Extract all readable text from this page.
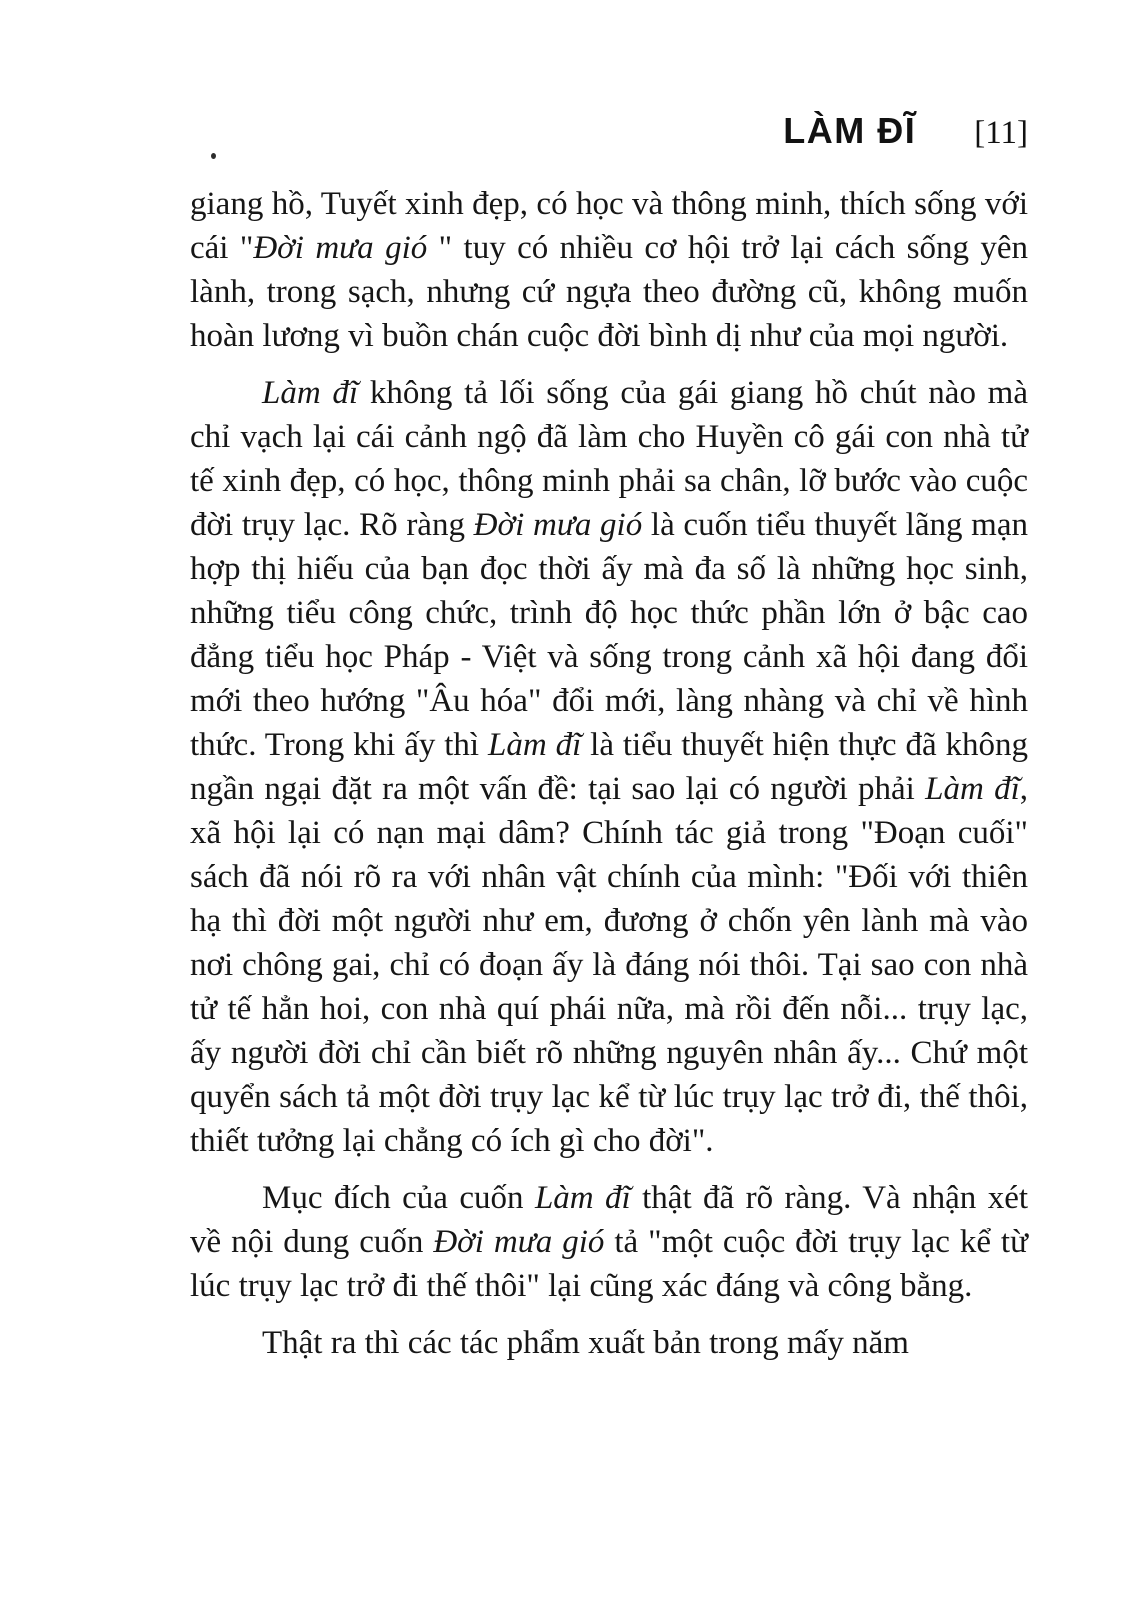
LÀM ĐĨ [11]

giang hồ, Tuyết xinh đẹp, có học và thông minh, thích sống với cái "Đời mưa gió " tuy có nhiều cơ hội trở lại cách sống yên lành, trong sạch, nhưng cứ ngựa theo đường cũ, không muốn hoàn lương vì buồn chán cuộc đời bình dị như của mọi người.

Làm đĩ không tả lối sống của gái giang hồ chút nào mà chỉ vạch lại cái cảnh ngộ đã làm cho Huyền cô gái con nhà tử tế xinh đẹp, có học, thông minh phải sa chân, lỡ bước vào cuộc đời trụy lạc. Rõ ràng Đời mưa gió là cuốn tiểu thuyết lãng mạn hợp thị hiếu của bạn đọc thời ấy mà đa số là những học sinh, những tiểu công chức, trình độ học thức phần lớn ở bậc cao đẳng tiểu học Pháp - Việt và sống trong cảnh xã hội đang đổi mới theo hướng "Âu hóa" đổi mới, làng nhàng và chỉ về hình thức. Trong khi ấy thì Làm đĩ là tiểu thuyết hiện thực đã không ngần ngại đặt ra một vấn đề: tại sao lại có người phải Làm đĩ, xã hội lại có nạn mại dâm? Chính tác giả trong "Đoạn cuối" sách đã nói rõ ra với nhân vật chính của mình: "Đối với thiên hạ thì đời một người như em, đương ở chốn yên lành mà vào nơi chông gai, chỉ có đoạn ấy là đáng nói thôi. Tại sao con nhà tử tế hẳn hoi, con nhà quí phái nữa, mà rồi đến nỗi... trụy lạc, ấy người đời chỉ cần biết rõ những nguyên nhân ấy... Chứ một quyển sách tả một đời trụy lạc kể từ lúc trụy lạc trở đi, thế thôi, thiết tưởng lại chẳng có ích gì cho đời".

Mục đích của cuốn Làm đĩ thật đã rõ ràng. Và nhận xét về nội dung cuốn Đời mưa gió tả "một cuộc đời trụy lạc kể từ lúc trụy lạc trở đi thế thôi" lại cũng xác đáng và công bằng.

Thật ra thì các tác phẩm xuất bản trong mấy năm
